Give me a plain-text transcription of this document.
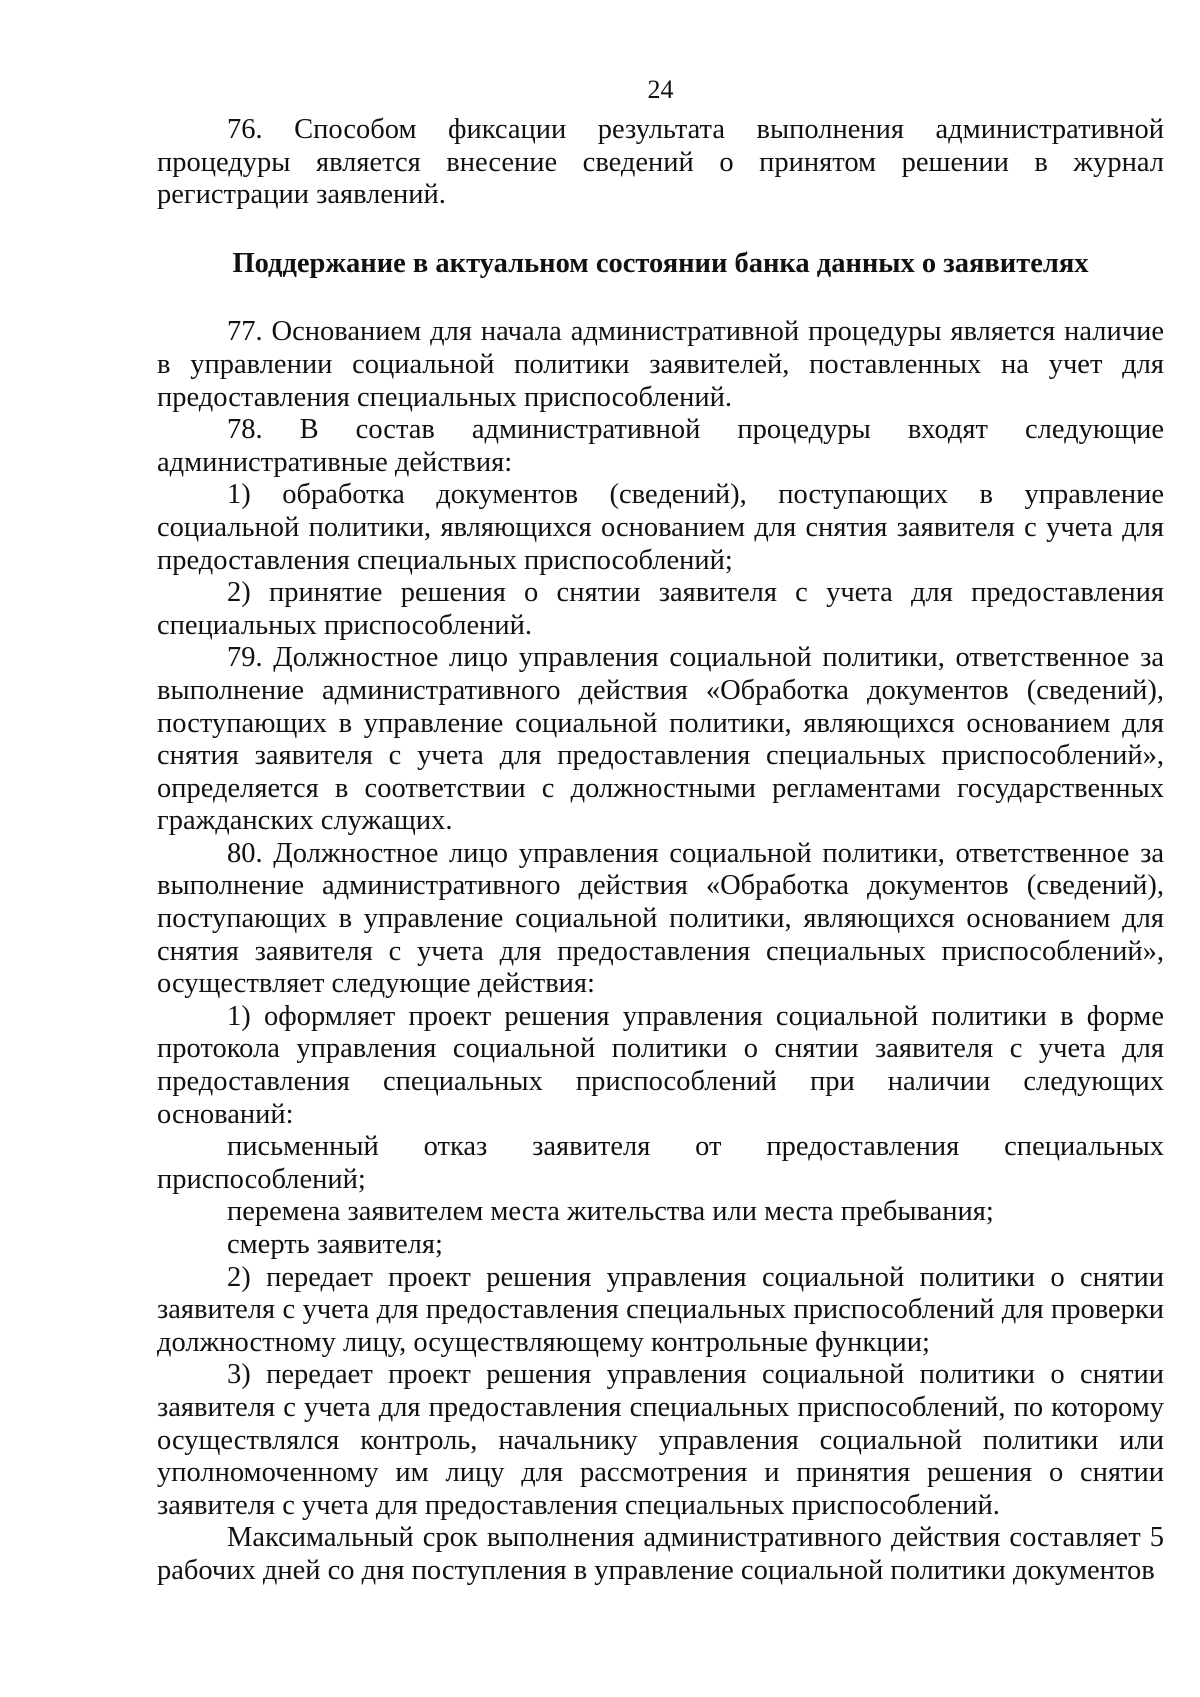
24

76. Способом фиксации результата выполнения административной процедуры является внесение сведений о принятом решении в журнал регистрации заявлений.

Поддержание в актуальном состоянии банка данных о заявителях

77. Основанием для начала административной процедуры является наличие в управлении социальной политики заявителей, поставленных на учет для предоставления специальных приспособлений.

78. В состав административной процедуры входят следующие административные действия:

1) обработка документов (сведений), поступающих в управление социальной политики, являющихся основанием для снятия заявителя с учета для предоставления специальных приспособлений;

2) принятие решения о снятии заявителя с учета для предоставления специальных приспособлений.

79. Должностное лицо управления социальной политики, ответственное за выполнение административного действия «Обработка документов (сведений), поступающих в управление социальной политики, являющихся основанием для снятия заявителя с учета для предоставления специальных приспособлений», определяется в соответствии с должностными регламентами государственных гражданских служащих.

80. Должностное лицо управления социальной политики, ответственное за выполнение административного действия «Обработка документов (сведений), поступающих в управление социальной политики, являющихся основанием для снятия заявителя с учета для предоставления специальных приспособлений», осуществляет следующие действия:

1) оформляет проект решения управления социальной политики в форме протокола управления социальной политики о снятии заявителя с учета для предоставления специальных приспособлений при наличии следующих оснований:

письменный отказ заявителя от предоставления специальных приспособлений;

перемена заявителем места жительства или места пребывания;

смерть заявителя;

2) передает проект решения управления социальной политики о снятии заявителя с учета для предоставления специальных приспособлений для проверки должностному лицу, осуществляющему контрольные функции;

3) передает проект решения управления социальной политики о снятии заявителя с учета для предоставления специальных приспособлений, по которому осуществлялся контроль, начальнику управления социальной политики или уполномоченному им лицу для рассмотрения и принятия решения о снятии заявителя с учета для предоставления специальных приспособлений.

Максимальный срок выполнения административного действия составляет 5 рабочих дней со дня поступления в управление социальной политики документов
